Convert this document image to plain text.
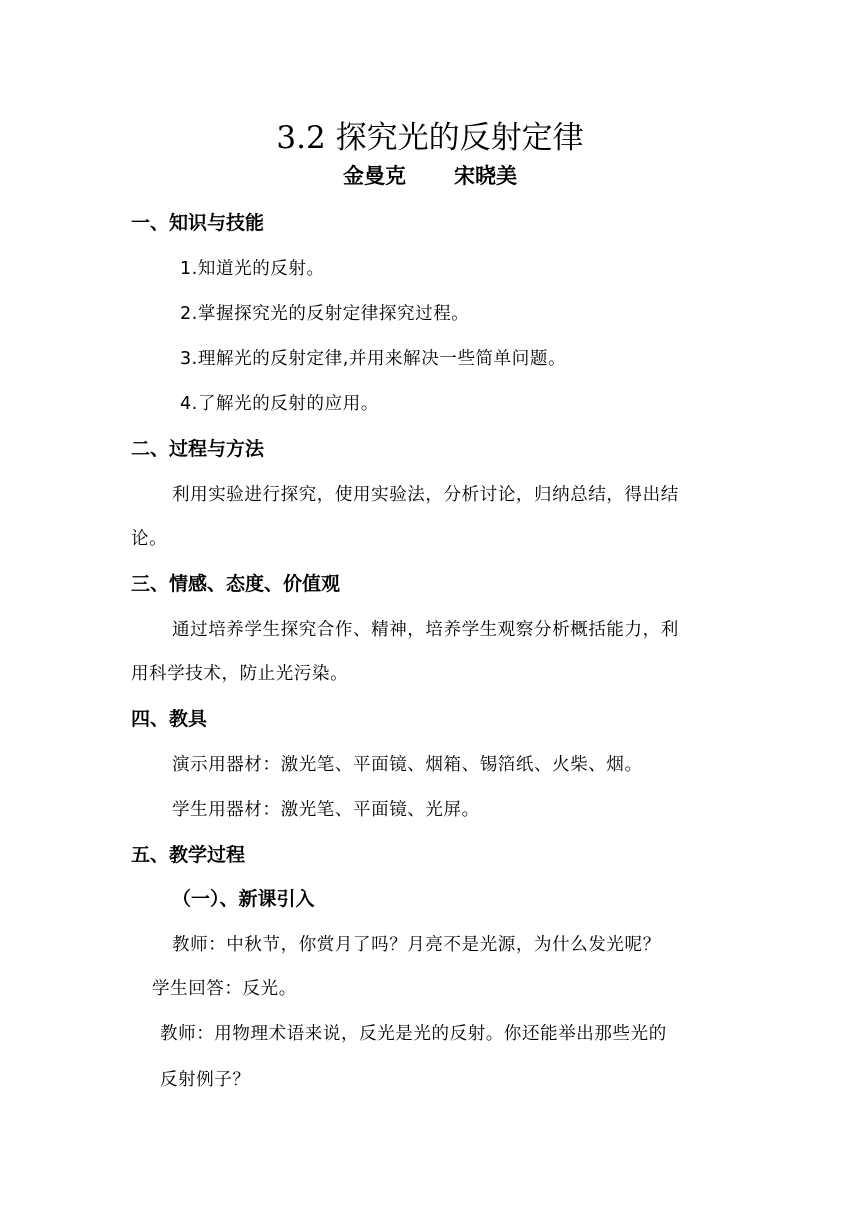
3.2 探究光的反射定律
金曼克 宋晓美
一、知识与技能
1.知道光的反射。
2.掌握探究光的反射定律探究过程。
3.理解光的反射定律,并用来解决一些简单问题。
4.了解光的反射的应用。
二、过程与方法
利用实验进行探究，使用实验法，分析讨论，归纳总结，得出结
论。
三、情感、态度、价值观
通过培养学生探究合作、精神，培养学生观察分析概括能力，利
用科学技术，防止光污染。
四、教具
演示用器材：激光笔、平面镜、烟箱、锡箔纸、火柴、烟。
学生用器材：激光笔、平面镜、光屏。
五、教学过程
（一）、新课引入
教师：中秋节，你赏月了吗？月亮不是光源，为什么发光呢？
学生回答：反光。
教师：用物理术语来说，反光是光的反射。你还能举出那些光的
反射例子？
